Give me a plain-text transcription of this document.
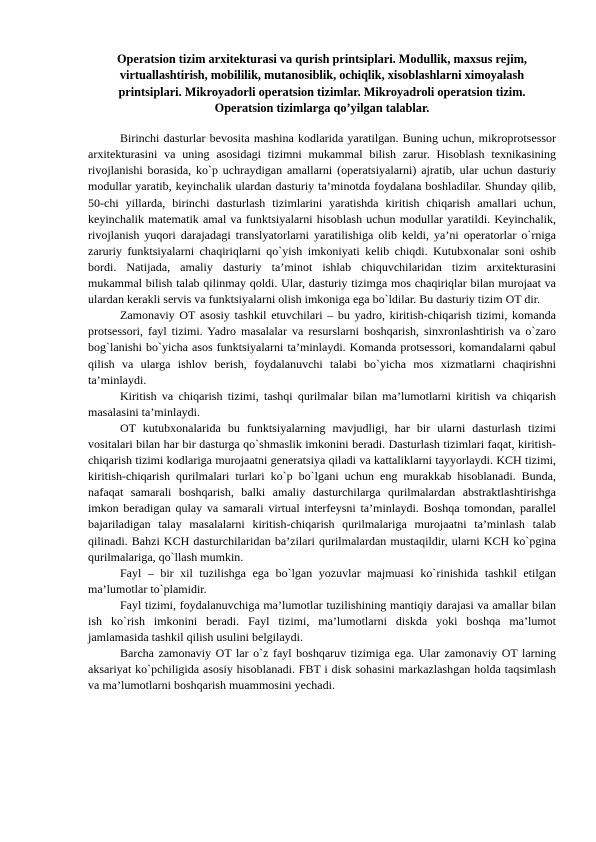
Operatsion tizim arxitekturasi va qurish printsiplari. Modullik, maxsus rejim, virtuallashtirish, mobililik, mutanosiblik, ochiqlik, xisoblashlarni ximoyalash printsiplari. Mikroyadorli operatsion tizimlar. Mikroyadroli operatsion tizim. Operatsion tizimlarga qo’yilgan talablar.

Birinchi dasturlar bevosita mashina kodlarida yaratilgan. Buning uchun, mikroprotsessor arxitekturasini va uning asosidagi tizimni mukammal bilish zarur. Hisoblash texnikasining rivojlanishi borasida, ko`p uchraydigan amallarni (operatsiyalarni) ajratib, ular uchun dasturiy modullar yaratib, keyinchalik ulardan dasturiy ta’minotda foydalana boshladilar. Shunday qilib, 50-chi yillarda, birinchi dasturlash tizimlarini yaratishda kiritish chiqarish amallari uchun, keyinchalik matematik amal va funktsiyalarni hisoblash uchun modullar yaratildi. Keyinchalik, rivojlanish yuqori darajadagi translyatorlarni yaratilishiga olib keldi, ya’ni operatorlar o`rniga zaruriy funktsiyalarni chaqiriqlarni qo`yish imkoniyati kelib chiqdi. Kutubxonalar soni oshib bordi. Natijada, amaliy dasturiy ta’minot ishlab chiquvchilaridan tizim arxitekturasini mukammal bilish talab qilinmay qoldi. Ular, dasturiy tizimga mos chaqiriqlar bilan murojaat va ulardan kerakli servis va funktsiyalarni olish imkoniga ega bo`ldilar. Bu dasturiy tizim OT dir.

Zamonaviy OT asosiy tashkil etuvchilari – bu yadro, kiritish-chiqarish tizimi, komanda protsessori, fayl tizimi. Yadro masalalar va resurslarni boshqarish, sinxronlashtirish va o`zaro bog`lanishi bo`yicha asos funktsiyalarni ta’minlaydi. Komanda protsessori, komandalarni qabul qilish va ularga ishlov berish, foydalanuvchi talabi bo`yicha mos xizmatlarni chaqirishni ta’minlaydi.

Kiritish va chiqarish tizimi, tashqi qurilmalar bilan ma’lumotlarni kiritish va chiqarish masalasini ta’minlaydi.

OT kutubxonalarida bu funktsiyalarning mavjudligi, har bir ularni dasturlash tizimi vositalari bilan har bir dasturga qo`shmaslik imkonini beradi. Dasturlash tizimlari faqat, kiritish-chiqarish tizimi kodlariga murojaatni generatsiya qiladi va kattaliklarni tayyorlaydi. KCH tizimi, kiritish-chiqarish qurilmalari turlari ko`p bo`lgani uchun eng murakkab hisoblanadi. Bunda, nafaqat samarali boshqarish, balki amaliy dasturchilarga qurilmalardan abstraktlashtirishga imkon beradigan qulay va samarali virtual interfeysni ta’minlaydi. Boshqa tomondan, parallel bajariladigan talay masalalarni kiritish-chiqarish qurilmalariga murojaatni ta’minlash talab qilinadi. Bahzi KCH dasturchilaridan ba’zilari qurilmalardan mustaqildir, ularni KCH ko`pgina qurilmalariga, qo`llash mumkin.

Fayl – bir xil tuzilishga ega bo`lgan yozuvlar majmuasi ko`rinishida tashkil etilgan ma’lumotlar to`plamidir.

Fayl tizimi, foydalanuvchiga ma’lumotlar tuzilishining mantiqiy darajasi va amallar bilan ish ko`rish imkonini beradi. Fayl tizimi, ma’lumotlarni diskda yoki boshqa ma’lumot jamlamasida tashkil qilish usulini belgilaydi.

Barcha zamonaviy OT lar o`z fayl boshqaruv tizimiga ega. Ular zamonaviy OT larning aksariyat ko`pchiligida asosiy hisoblanadi. FBT i disk sohasini markazlashgan holda taqsimlash va ma’lumotlarni boshqarish muammosini yechadi.
